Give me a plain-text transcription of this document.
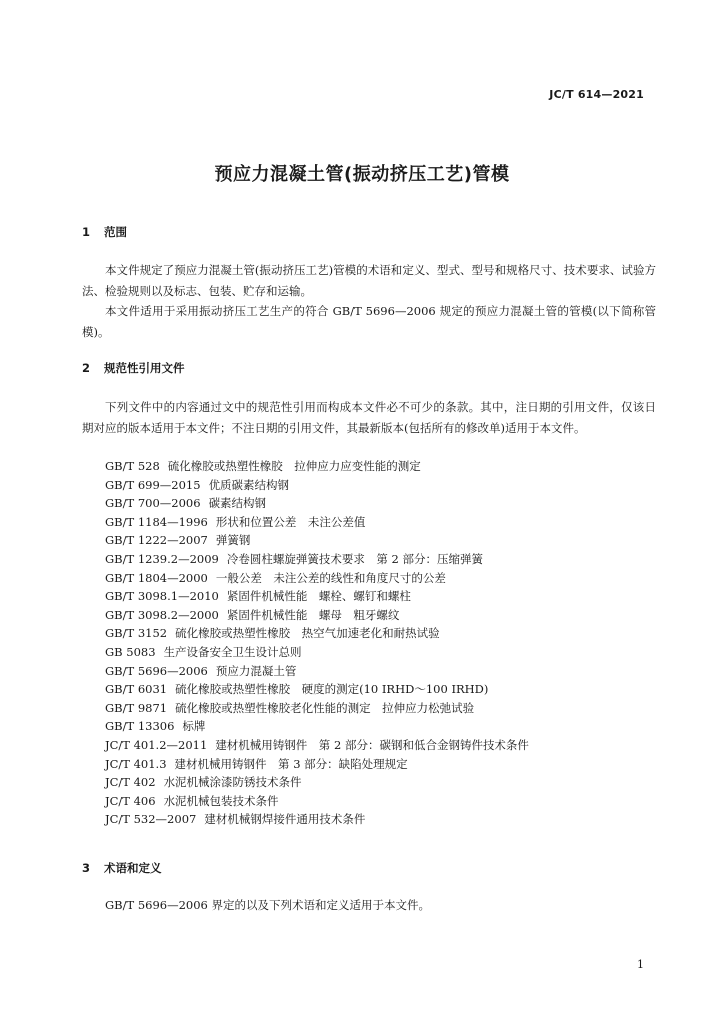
JC/T 614—2021
预应力混凝土管(振动挤压工艺)管模
1 范围

本文件规定了预应力混凝土管(振动挤压工艺)管模的术语和定义、型式、型号和规格尺寸、技术要求、试验方法、检验规则以及标志、包装、贮存和运输。

本文件适用于采用振动挤压工艺生产的符合 GB/T 5696—2006 规定的预应力混凝土管的管模(以下简称管模)。

2 规范性引用文件

下列文件中的内容通过文中的规范性引用而构成本文件必不可少的条款。其中，注日期的引用文件，仅该日期对应的版本适用于本文件；不注日期的引用文件，其最新版本(包括所有的修改单)适用于本文件。

GB/T 528 硫化橡胶或热塑性橡胶　拉伸应力应变性能的测定
GB/T 699—2015 优质碳素结构钢
GB/T 700—2006 碳素结构钢
GB/T 1184—1996 形状和位置公差　未注公差值
GB/T 1222—2007 弹簧钢
GB/T 1239.2—2009 冷卷圆柱螺旋弹簧技术要求　第 2 部分：压缩弹簧
GB/T 1804—2000 一般公差　未注公差的线性和角度尺寸的公差
GB/T 3098.1—2010 紧固件机械性能　螺栓、螺钉和螺柱
GB/T 3098.2—2000 紧固件机械性能　螺母　粗牙螺纹
GB/T 3152 硫化橡胶或热塑性橡胶　热空气加速老化和耐热试验
GB 5083 生产设备安全卫生设计总则
GB/T 5696—2006 预应力混凝土管
GB/T 6031 硫化橡胶或热塑性橡胶　硬度的测定(10 IRHD～100 IRHD)
GB/T 9871 硫化橡胶或热塑性橡胶老化性能的测定　拉伸应力松弛试验
GB/T 13306 标牌
JC/T 401.2—2011 建材机械用铸钢件　第 2 部分：碳钢和低合金钢铸件技术条件
JC/T 401.3 建材机械用铸钢件　第 3 部分：缺陷处理规定
JC/T 402 水泥机械涂漆防锈技术条件
JC/T 406 水泥机械包装技术条件
JC/T 532—2007 建材机械钢焊接件通用技术条件
3 术语和定义

GB/T 5696—2006 界定的以及下列术语和定义适用于本文件。

1
